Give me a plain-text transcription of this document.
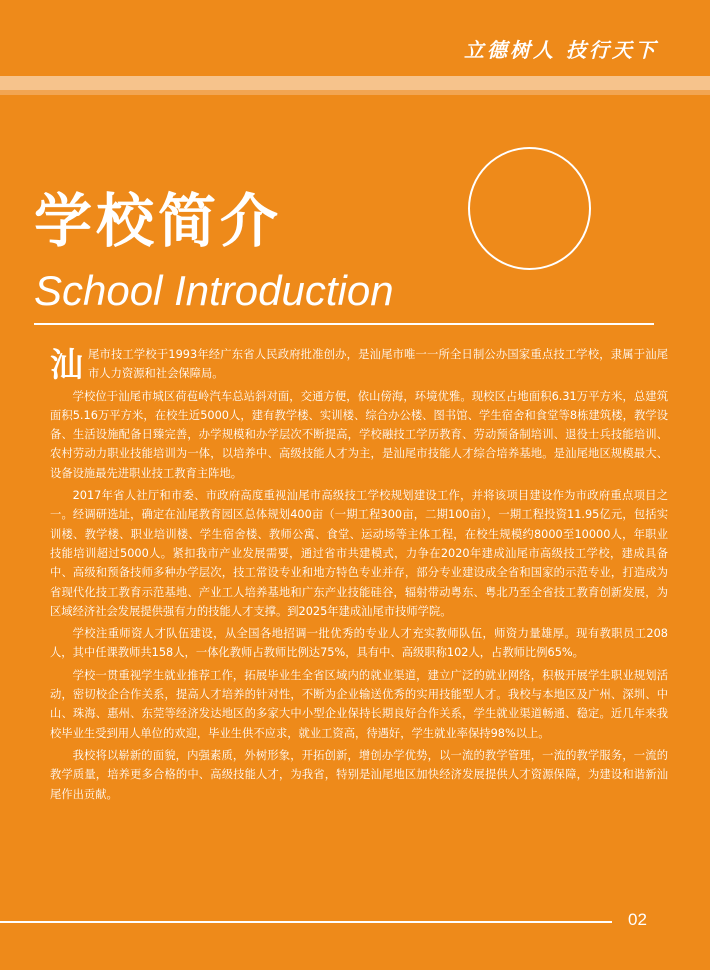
立德树人 技行天下
学校简介
School Introduction

汕尾市技工学校于1993年经广东省人民政府批准创办，是汕尾市唯一一所全日制公办国家重点技工学校，隶属于汕尾市人力资源和社会保障局。

学校位于汕尾市城区荷苞岭汽车总站斜对面，交通方便，依山傍海，环境优雅。现校区占地面积6.31万平方米，总建筑面积5.16万平方米，在校生近5000人，建有教学楼、实训楼、综合办公楼、图书馆、学生宿舍和食堂等8栋建筑楼，教学设备、生活设施配备日臻完善，办学规模和办学层次不断提高，学校融技工学历教育、劳动预备制培训、退役士兵技能培训、农村劳动力职业技能培训为一体，以培养中、高级技能人才为主，是汕尾市技能人才综合培养基地。是汕尾地区规模最大、设备设施最先进职业技工教育主阵地。

2017年省人社厅和市委、市政府高度重视汕尾市高级技工学校规划建设工作，并将该项目建设作为市政府重点项目之一。经调研选址，确定在汕尾教育园区总体规划400亩（一期工程300亩，二期100亩），一期工程投资11.95亿元，包括实训楼、教学楼、职业培训楼、学生宿舍楼、教师公寓、食堂、运动场等主体工程，在校生规模约8000至10000人，年职业技能培训超过5000人。紧扣我市产业发展需要，通过省市共建模式，力争在2020年建成汕尾市高级技工学校，建成具备中、高级和预备技师多种办学层次，技工常设专业和地方特色专业并存，部分专业建设成全省和国家的示范专业，打造成为省现代化技工教育示范基地、产业工人培养基地和广东产业技能硅谷，辐射带动粤东、粤北乃至全省技工教育创新发展，为区域经济社会发展提供强有力的技能人才支撑。到2025年建成汕尾市技师学院。

学校注重师资人才队伍建设，从全国各地招调一批优秀的专业人才充实教师队伍，师资力量雄厚。现有教职员工208人，其中任课教师共158人，一体化教师占教师比例达75%，具有中、高级职称102人，占教师比例65%。

学校一贯重视学生就业推荐工作，拓展毕业生全省区域内的就业渠道，建立广泛的就业网络，积极开展学生职业规划活动，密切校企合作关系，提高人才培养的针对性，不断为企业输送优秀的实用技能型人才。我校与本地区及广州、深圳、中山、珠海、惠州、东莞等经济发达地区的多家大中小型企业保持长期良好合作关系，学生就业渠道畅通、稳定。近几年来我校毕业生受到用人单位的欢迎，毕业生供不应求，就业工资高，待遇好，学生就业率保持98%以上。

我校将以崭新的面貌，内强素质，外树形象，开拓创新，增创办学优势，以一流的教学管理，一流的教学服务，一流的教学质量，培养更多合格的中、高级技能人才，为我省，特别是汕尾地区加快经济发展提供人才资源保障，为建设和谐新汕尾作出贡献。

02
